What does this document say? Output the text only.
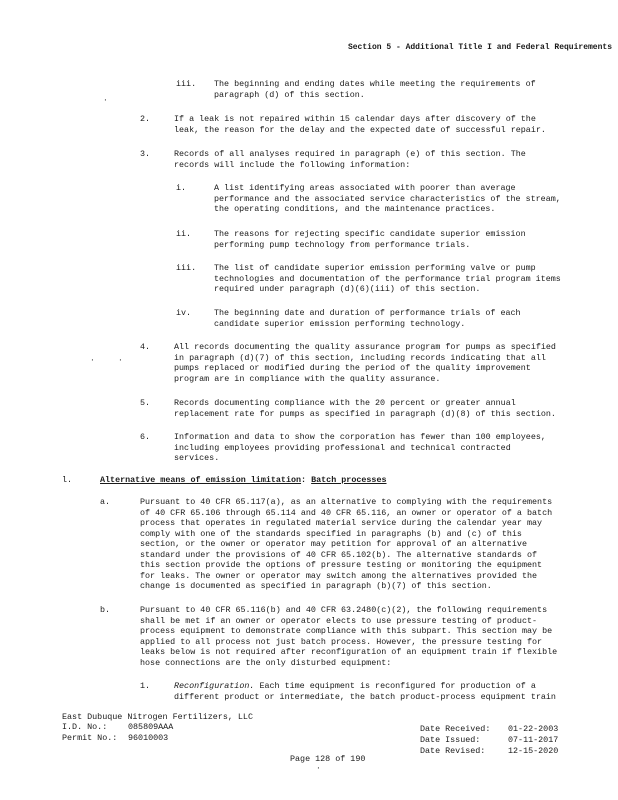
Section 5 - Additional Title I and Federal Requirements
iii. The beginning and ending dates while meeting the requirements of
paragraph (d) of this section.
2.	If a leak is not repaired within 15 calendar days after discovery of the
leak, the reason for the delay and the expected date of successful repair.
3.	Records of all analyses required in paragraph (e) of this section. The
records will include the following information:
i.	A list identifying areas associated with poorer than average
performance and the associated service characteristics of the stream,
the operating conditions, and the maintenance practices.
ii.	The reasons for rejecting specific candidate superior emission
performing pump technology from performance trials.
iii. The list of candidate superior emission performing valve or pump
technologies and documentation of the performance trial program items
required under paragraph (d)(6)(iii) of this section.
iv.	The beginning date and duration of performance trials of each
candidate superior emission performing technology.
4.	All records documenting the quality assurance program for pumps as specified
in paragraph (d)(7) of this section, including records indicating that all
pumps replaced or modified during the period of the quality improvement
program are in compliance with the quality assurance.
5.	Records documenting compliance with the 20 percent or greater annual
replacement rate for pumps as specified in paragraph (d)(8) of this section.
6.	Information and data to show the corporation has fewer than 100 employees,
including employees providing professional and technical contracted
services.
l.	Alternative means of emission limitation: Batch processes
a.	Pursuant to 40 CFR 65.117(a), as an alternative to complying with the requirements
of 40 CFR 65.106 through 65.114 and 40 CFR 65.116, an owner or operator of a batch
process that operates in regulated material service during the calendar year may
comply with one of the standards specified in paragraphs (b) and (c) of this
section, or the owner or operator may petition for approval of an alternative
standard under the provisions of 40 CFR 65.102(b). The alternative standards of
this section provide the options of pressure testing or monitoring the equipment
for leaks. The owner or operator may switch among the alternatives provided the
change is documented as specified in paragraph (b)(7) of this section.
b.	Pursuant to 40 CFR 65.116(b) and 40 CFR 63.2480(c)(2), the following requirements
shall be met if an owner or operator elects to use pressure testing of product-
process equipment to demonstrate compliance with this subpart. This section may be
applied to all process not just batch process. However, the pressure testing for
leaks below is not required after reconfiguration of an equipment train if flexible
hose connections are the only disturbed equipment:
1.	Reconfiguration. Each time equipment is reconfigured for production of a
different product or intermediate, the batch product-process equipment train
East Dubuque Nitrogen Fertilizers, LLC
I.D. No.: 085809AAA
Permit No.: 96010003
Date Received: 01-22-2003
Date Issued:	07-11-2017
Date Revised:	12-15-2020
Page 128 of 190
·
·	·
·
